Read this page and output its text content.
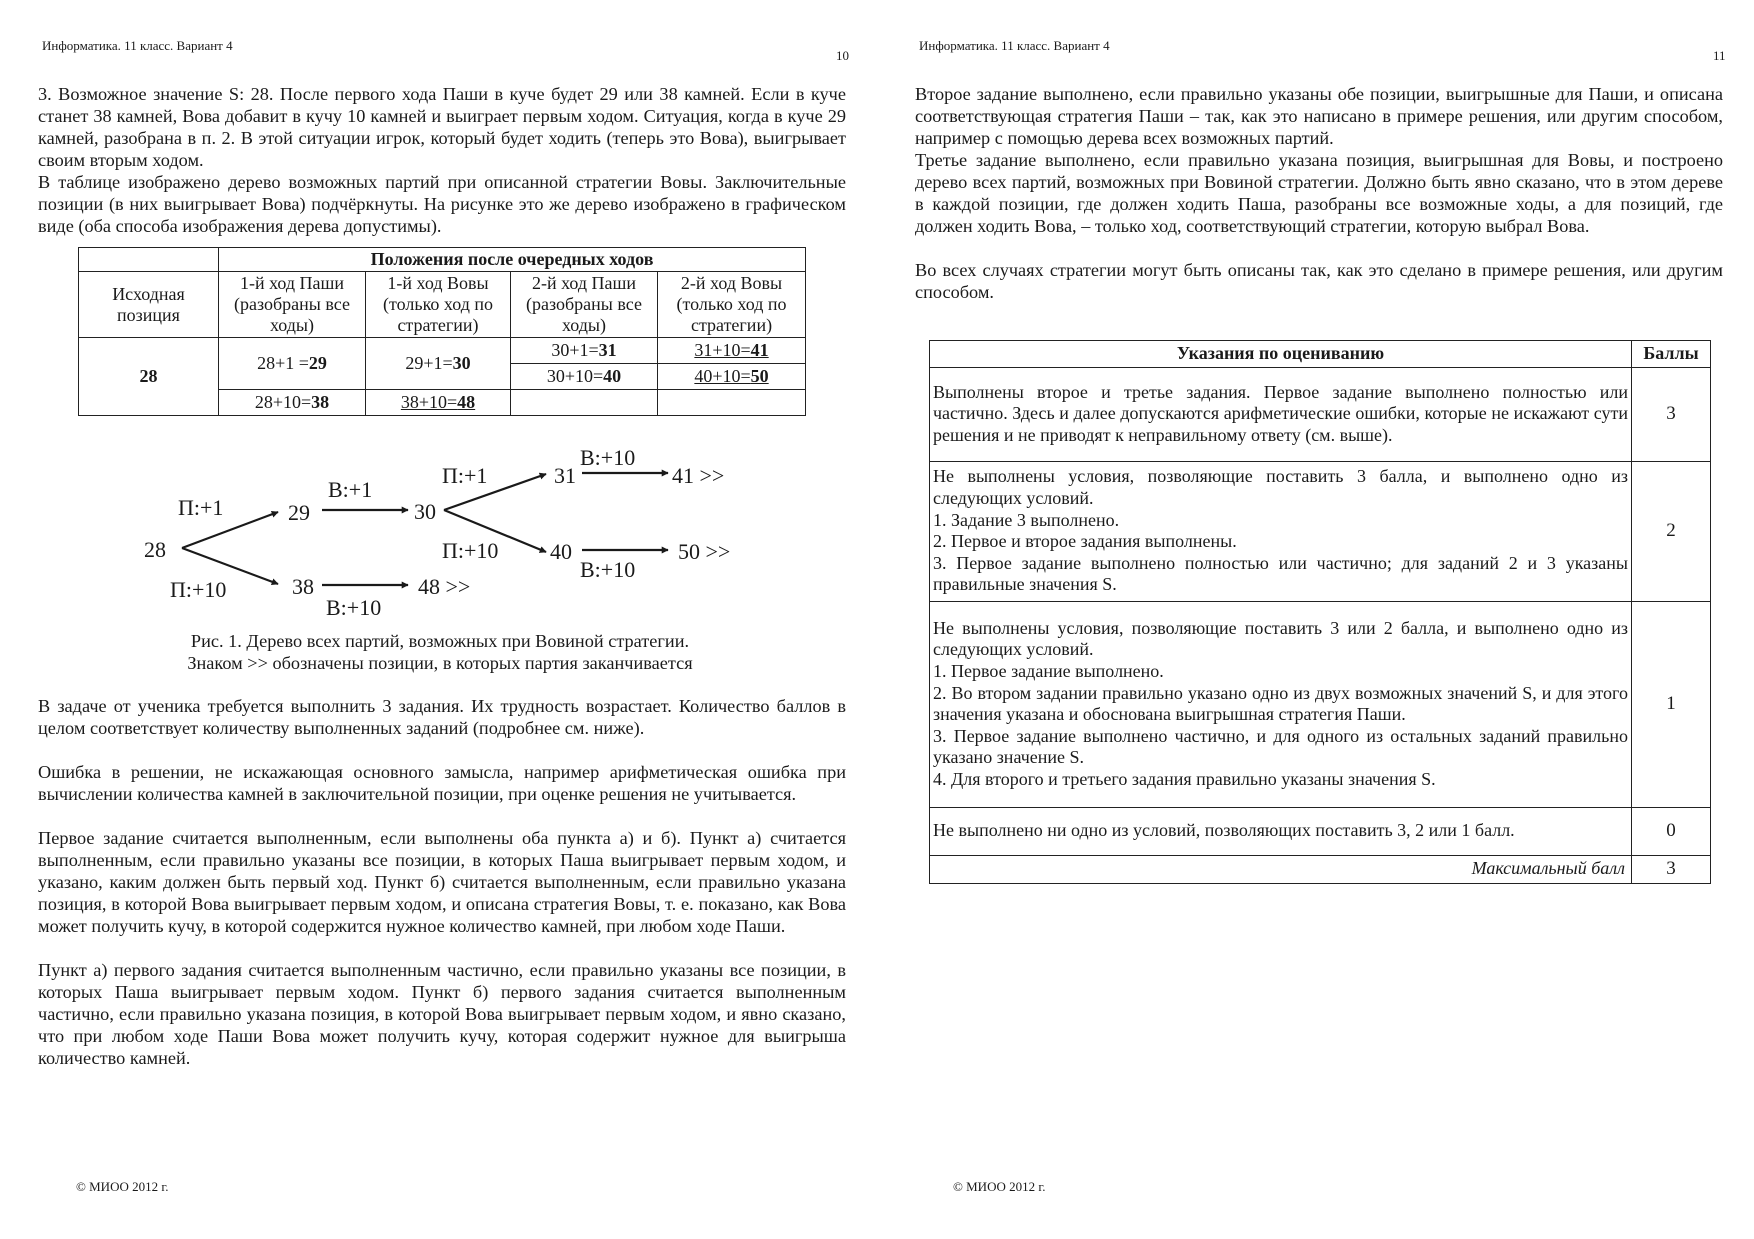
Информатика. 11 класс. Вариант 4
10

3. Возможное значение S: 28. После первого хода Паши в куче будет 29 или 38 камней. Если в куче станет 38 камней, Вова добавит в кучу 10 камней и выиграет первым ходом. Ситуация, когда в куче 29 камней, разобрана в п. 2. В этой ситуации игрок, который будет ходить (теперь это Вова), выигрывает своим вторым ходом.

В таблице изображено дерево возможных партий при описанной стратегии Вовы. Заключительные позиции (в них выигрывает Вова) подчёркнуты. На рисунке это же дерево изображено в графическом виде (оба способа изображения дерева допустимы).

	Положения после очередных ходов			
Исходная позиция	1-й ход Паши (разобраны все ходы)	1-й ход Вовы (только ход по стратегии)	2-й ход Паши (разобраны все ходы)	2-й ход Вовы (только ход по стратегии)
28	28+1 =29	29+1=30	30+1=31	31+10=41
			30+10=40	40+10=50
	28+10=38	38+10=48		
28
29
38
30
48 >>
31
40
41 >>
50 >>
П:+1
П:+10
В:+1
В:+10
П:+1
П:+10
В:+10
В:+10
Рис. 1. Дерево всех партий, возможных при Вовиной стратегии.
Знаком >> обозначены позиции, в которых партия заканчивается

В задаче от ученика требуется выполнить 3 задания. Их трудность возрастает. Количество баллов в целом соответствует количеству выполненных заданий (подробнее см. ниже).

Ошибка в решении, не искажающая основного замысла, например арифметическая ошибка при вычислении количества камней в заключительной позиции, при оценке решения не учитывается.

Первое задание считается выполненным, если выполнены оба пункта а) и б). Пункт а) считается выполненным, если правильно указаны все позиции, в которых Паша выигрывает первым ходом, и указано, каким должен быть первый ход. Пункт б) считается выполненным, если правильно указана позиция, в которой Вова выигрывает первым ходом, и описана стратегия Вовы, т. е. показано, как Вова может получить кучу, в которой содержится нужное количество камней, при любом ходе Паши.

Пункт а) первого задания считается выполненным частично, если правильно указаны все позиции, в которых Паша выигрывает первым ходом. Пункт б) первого задания считается выполненным частично, если правильно указана позиция, в которой Вова выигрывает первым ходом, и явно сказано, что при любом ходе Паши Вова может получить кучу, которая содержит нужное для выигрыша количество камней.

© МИОО 2012 г.
Информатика. 11 класс. Вариант 4
11

Второе задание выполнено, если правильно указаны обе позиции, выигрышные для Паши, и описана соответствующая стратегия Паши – так, как это написано в примере решения, или другим способом, например с помощью дерева всех возможных партий.

Третье задание выполнено, если правильно указана позиция, выигрышная для Вовы, и построено дерево всех партий, возможных при Вовиной стратегии. Должно быть явно сказано, что в этом дереве в каждой позиции, где должен ходить Паша, разобраны все возможные ходы, а для позиций, где должен ходить Вова, – только ход, соответствующий стратегии, которую выбрал Вова.

Во всех случаях стратегии могут быть описаны так, как это сделано в примере решения, или другим способом.

Указания по оцениванию	Баллы
Выполнены второе и третье задания. Первое задание выполнено полностью или частично. Здесь и далее допускаются арифметические ошибки, которые не искажают сути решения и не приводят к неправильному ответу (см. выше).	3

Не выполнены условия, позволяющие поставить 3 балла, и выполнено одно из следующих условий.
1. Задание 3 выполнено.
2. Первое и второе задания выполнены.
3. Первое задание выполнено полностью или частично; для заданий 2 и 3 указаны правильные значения S.	2

Не выполнены условия, позволяющие поставить 3 или 2 балла, и выполнено одно из следующих условий.
1. Первое задание выполнено.
2. Во втором задании правильно указано одно из двух возможных значений S, и для этого значения указана и обоснована выигрышная стратегия Паши.
3. Первое задание выполнено частично, и для одного из остальных заданий правильно указано значение S.
4. Для второго и третьего задания правильно указаны значения S.	1
Не выполнено ни одно из условий, позволяющих поставить 3, 2 или 1 балл.	0
Максимальный балл	3
© МИОО 2012 г.
